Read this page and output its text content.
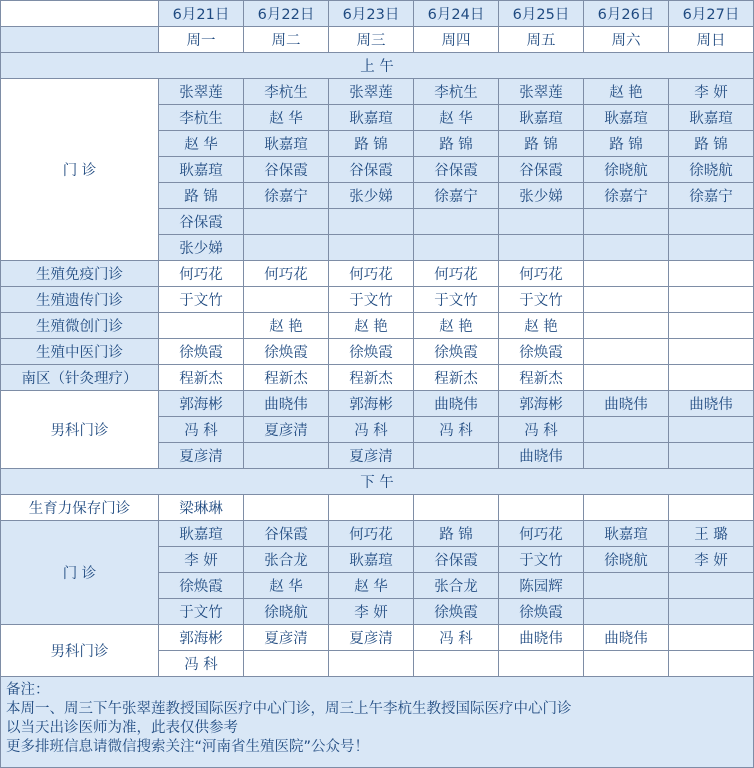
	6月21日	6月22日	6月23日	6月24日	6月25日	6月26日	6月27日
	周一	周二	周三	周四	周五	周六	周日
上 午							
门 诊	张翠莲	李杭生	张翠莲	李杭生	张翠莲	赵 艳	李 妍
	李杭生	赵 华	耿嘉瑄	赵 华	耿嘉瑄	耿嘉瑄	耿嘉瑄
	赵 华	耿嘉瑄	路 锦	路 锦	路 锦	路 锦	路 锦
	耿嘉瑄	谷保霞	谷保霞	谷保霞	谷保霞	徐晓航	徐晓航
	路 锦	徐嘉宁	张少娣	徐嘉宁	张少娣	徐嘉宁	徐嘉宁
	谷保霞						
	张少娣						
生殖免疫门诊	何巧花	何巧花	何巧花	何巧花	何巧花		
生殖遗传门诊	于文竹		于文竹	于文竹	于文竹		
生殖微创门诊		赵 艳	赵 艳	赵 艳	赵 艳		
生殖中医门诊	徐焕霞	徐焕霞	徐焕霞	徐焕霞	徐焕霞		
南区（针灸理疗）	程新杰	程新杰	程新杰	程新杰	程新杰		
男科门诊	郭海彬	曲晓伟	郭海彬	曲晓伟	郭海彬	曲晓伟	曲晓伟
	冯 科	夏彦清	冯 科	冯 科	冯 科		
	夏彦清		夏彦清		曲晓伟		
下 午							
生育力保存门诊	梁琳琳						
门 诊	耿嘉瑄	谷保霞	何巧花	路 锦	何巧花	耿嘉瑄	王 璐
	李 妍	张合龙	耿嘉瑄	谷保霞	于文竹	徐晓航	李 妍
	徐焕霞	赵 华	赵 华	张合龙	陈园辉		
	于文竹	徐晓航	李 妍	徐焕霞	徐焕霞		
男科门诊	郭海彬	夏彦清	夏彦清	冯 科	曲晓伟	曲晓伟	
	冯 科						

备注：
本周一、周三下午张翠莲教授国际医疗中心门诊，周三上午李杭生教授国际医疗中心门诊
以当天出诊医师为准，此表仅供参考
更多排班信息请微信搜索关注“河南省生殖医院”公众号！							
